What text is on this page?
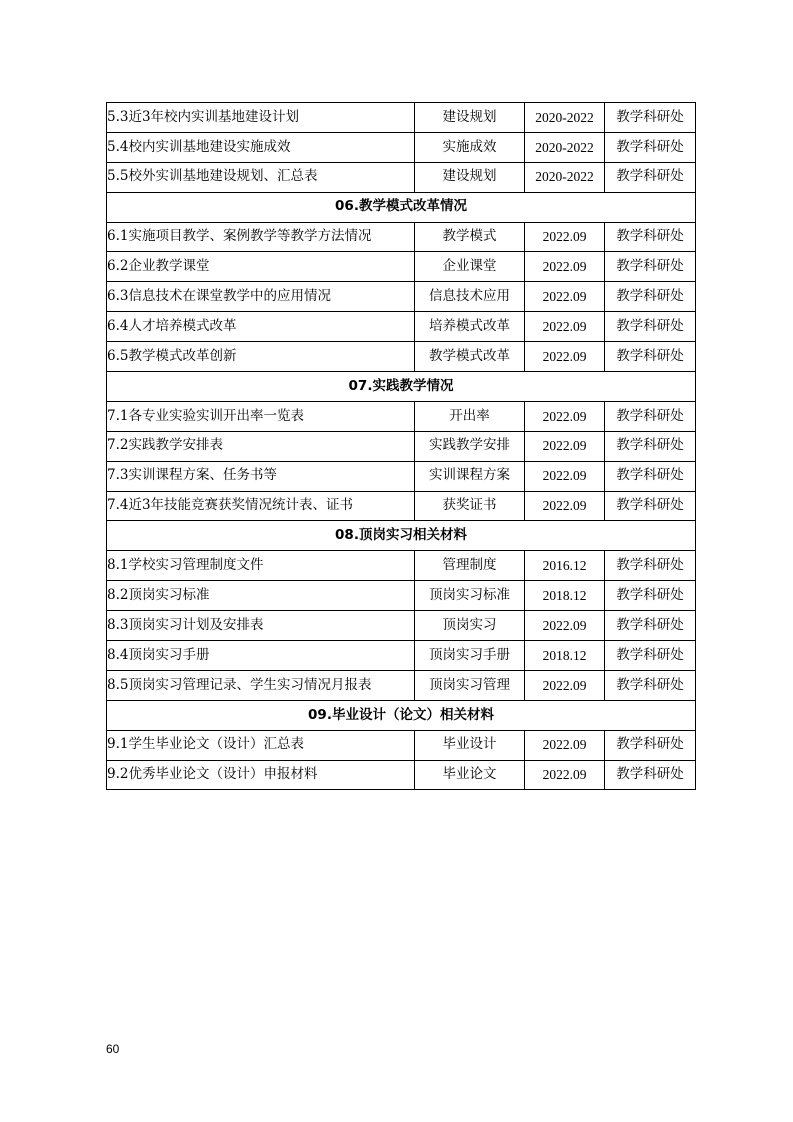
5.3近3年校内实训基地建设计划	建设规划	2020-2022	教学科研处
5.4校内实训基地建设实施成效	实施成效	2020-2022	教学科研处
5.5校外实训基地建设规划、汇总表	建设规划	2020-2022	教学科研处
06.教学模式改革情况			
6.1实施项目教学、案例教学等教学方法情况	教学模式	2022.09	教学科研处
6.2企业教学课堂	企业课堂	2022.09	教学科研处
6.3信息技术在课堂教学中的应用情况	信息技术应用	2022.09	教学科研处
6.4人才培养模式改革	培养模式改革	2022.09	教学科研处
6.5教学模式改革创新	教学模式改革	2022.09	教学科研处
07.实践教学情况			
7.1各专业实验实训开出率一览表	开出率	2022.09	教学科研处
7.2实践教学安排表	实践教学安排	2022.09	教学科研处
7.3实训课程方案、任务书等	实训课程方案	2022.09	教学科研处
7.4近3年技能竞赛获奖情况统计表、证书	获奖证书	2022.09	教学科研处
08.顶岗实习相关材料			
8.1学校实习管理制度文件	管理制度	2016.12	教学科研处
8.2顶岗实习标准	顶岗实习标准	2018.12	教学科研处
8.3顶岗实习计划及安排表	顶岗实习	2022.09	教学科研处
8.4顶岗实习手册	顶岗实习手册	2018.12	教学科研处
8.5顶岗实习管理记录、学生实习情况月报表	顶岗实习管理	2022.09	教学科研处
09.毕业设计（论文）相关材料			
9.1学生毕业论文（设计）汇总表	毕业设计	2022.09	教学科研处
9.2优秀毕业论文（设计）申报材料	毕业论文	2022.09	教学科研处
60
